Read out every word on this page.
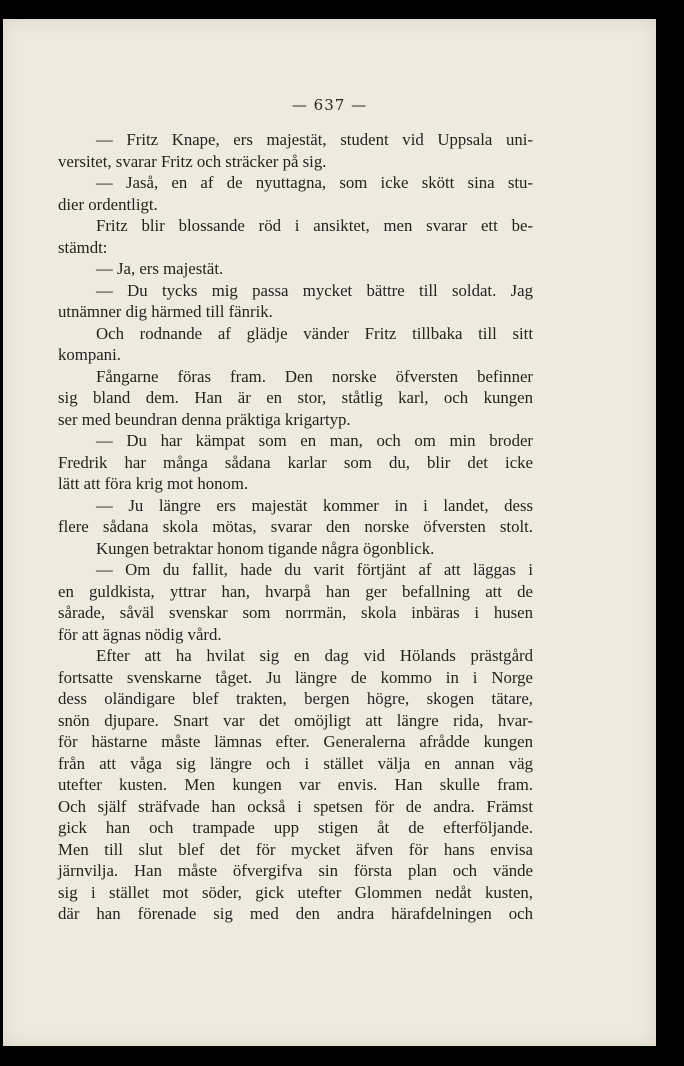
— 637 —
— Fritz Knape, ers majestät, student vid Uppsala uni-
versitet, svarar Fritz och sträcker på sig.
— Jaså, en af de nyuttagna, som icke skött sina stu-
dier ordentligt.
Fritz blir blossande röd i ansiktet, men svarar ett be-
stämdt:
— Ja, ers majestät.
— Du tycks mig passa mycket bättre till soldat. Jag
utnämner dig härmed till fänrik.
Och rodnande af glädje vänder Fritz tillbaka till sitt
kompani.
Fångarne föras fram. Den norske öfversten befinner
sig bland dem. Han är en stor, ståtlig karl, och kungen
ser med beundran denna präktiga krigartyp.
— Du har kämpat som en man, och om min broder
Fredrik har många sådana karlar som du, blir det icke
lätt att föra krig mot honom.
— Ju längre ers majestät kommer in i landet, dess
flere sådana skola mötas, svarar den norske öfversten stolt.
Kungen betraktar honom tigande några ögonblick.
— Om du fallit, hade du varit förtjänt af att läggas i
en guldkista, yttrar han, hvarpå han ger befallning att de
sårade, såväl svenskar som norrmän, skola inbäras i husen
för att ägnas nödig vård.
Efter att ha hvilat sig en dag vid Hölands prästgård
fortsatte svenskarne tåget. Ju längre de kommo in i Norge
dess oländigare blef trakten, bergen högre, skogen tätare,
snön djupare. Snart var det omöjligt att längre rida, hvar-
för hästarne måste lämnas efter. Generalerna afrådde kungen
från att våga sig längre och i stället välja en annan väg
utefter kusten. Men kungen var envis. Han skulle fram.
Och själf sträfvade han också i spetsen för de andra. Främst
gick han och trampade upp stigen åt de efterföljande.
Men till slut blef det för mycket äfven för hans envisa
järnvilja. Han måste öfvergifva sin första plan och vände
sig i stället mot söder, gick utefter Glommen nedåt kusten,
där han förenade sig med den andra härafdelningen och
